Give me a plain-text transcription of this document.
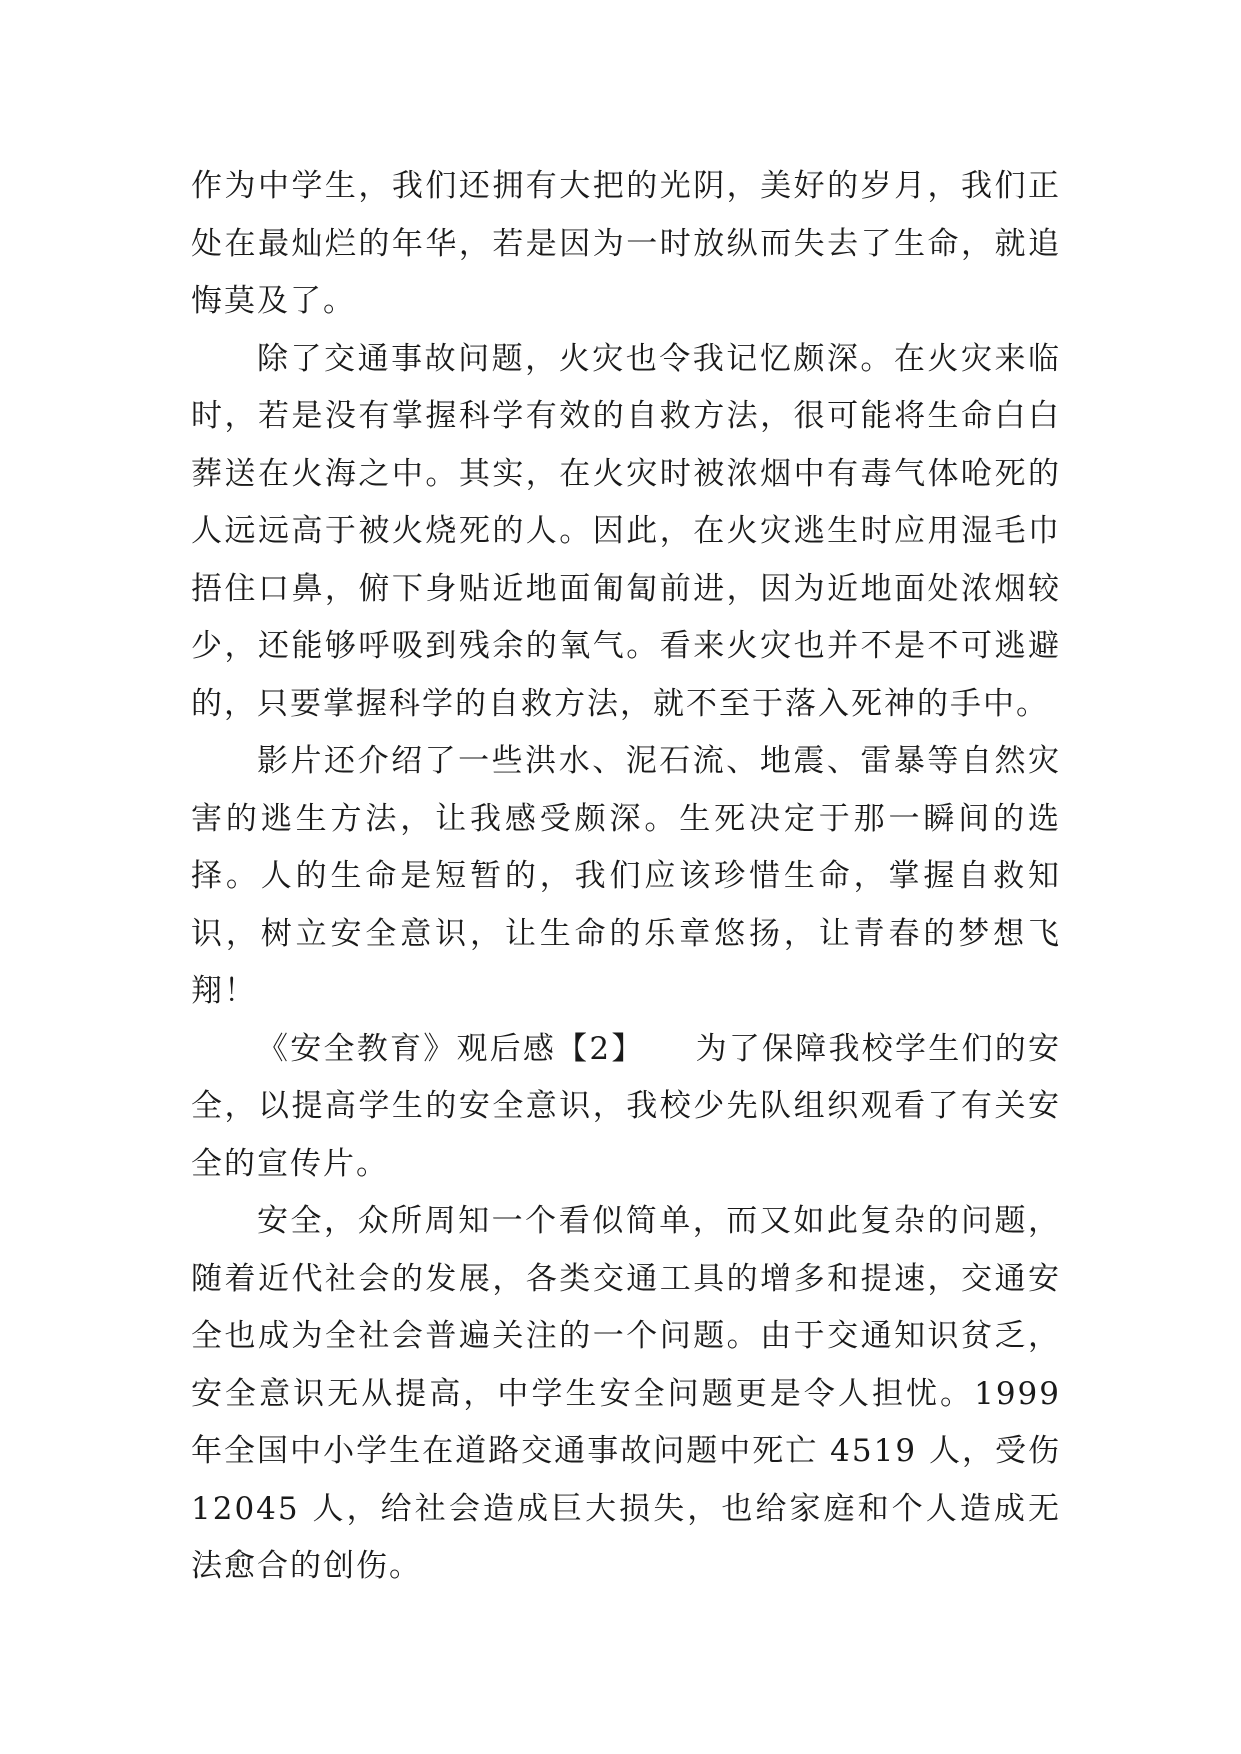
作为中学生，我们还拥有大把的光阴，美好的岁月，我们正处在最灿烂的年华，若是因为一时放纵而失去了生命，就追悔莫及了。

除了交通事故问题，火灾也令我记忆颇深。在火灾来临时，若是没有掌握科学有效的自救方法，很可能将生命白白葬送在火海之中。其实，在火灾时被浓烟中有毒气体呛死的人远远高于被火烧死的人。因此，在火灾逃生时应用湿毛巾捂住口鼻，俯下身贴近地面匍匐前进，因为近地面处浓烟较少，还能够呼吸到残余的氧气。看来火灾也并不是不可逃避的，只要掌握科学的自救方法，就不至于落入死神的手中。

影片还介绍了一些洪水、泥石流、地震、雷暴等自然灾害的逃生方法，让我感受颇深。生死决定于那一瞬间的选择。人的生命是短暂的，我们应该珍惜生命，掌握自救知识，树立安全意识，让生命的乐章悠扬，让青春的梦想飞翔！

《安全教育》观后感【2】　　为了保障我校学生们的安全，以提高学生的安全意识，我校少先队组织观看了有关安全的宣传片。

安全，众所周知一个看似简单，而又如此复杂的问题，随着近代社会的发展，各类交通工具的增多和提速，交通安全也成为全社会普遍关注的一个问题。由于交通知识贫乏，安全意识无从提高，中学生安全问题更是令人担忧。1999 年全国中小学生在道路交通事故问题中死亡 4519 人，受伤12045 人，给社会造成巨大损失，也给家庭和个人造成无法愈合的创伤。
